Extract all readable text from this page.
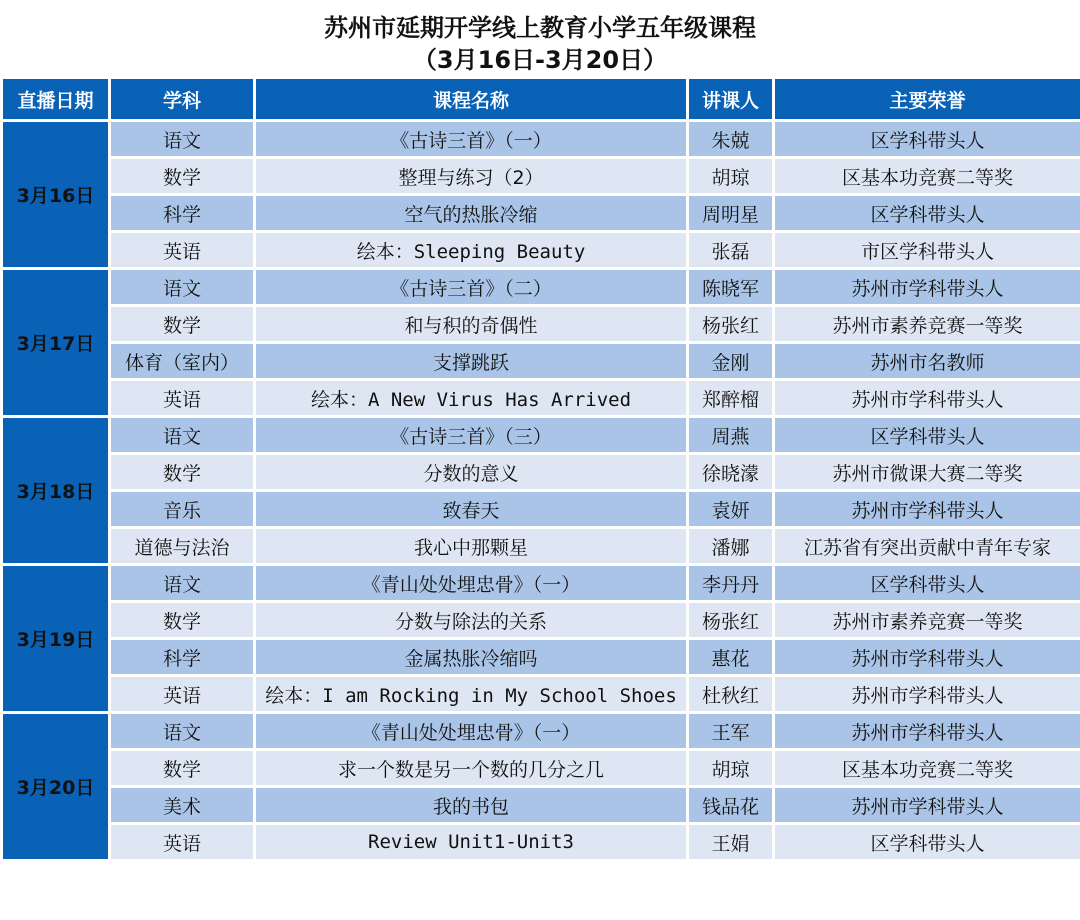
苏州市延期开学线上教育小学五年级课程
（3月16日-3月20日）
直播日期	学科	课程名称	讲课人	主要荣誉
3月16日	语文	《古诗三首》（一）	朱兢	区学科带头人
	数学	整理与练习（2）	胡琼	区基本功竞赛二等奖
	科学	空气的热胀冷缩	周明星	区学科带头人
	英语	绘本：Sleeping Beauty	张磊	市区学科带头人
3月17日	语文	《古诗三首》（二）	陈晓军	苏州市学科带头人
	数学	和与积的奇偶性	杨张红	苏州市素养竞赛一等奖
	体育（室内）	支撑跳跃	金刚	苏州市名教师
	英语	绘本：A New Virus Has Arrived	郑醉榴	苏州市学科带头人
3月18日	语文	《古诗三首》（三）	周燕	区学科带头人
	数学	分数的意义	徐晓濛	苏州市微课大赛二等奖
	音乐	致春天	袁妍	苏州市学科带头人
	道德与法治	我心中那颗星	潘娜	江苏省有突出贡献中青年专家
3月19日	语文	《青山处处埋忠骨》（一）	李丹丹	区学科带头人
	数学	分数与除法的关系	杨张红	苏州市素养竞赛一等奖
	科学	金属热胀冷缩吗	惠花	苏州市学科带头人
	英语	绘本：I am Rocking in My School Shoes	杜秋红	苏州市学科带头人
3月20日	语文	《青山处处埋忠骨》（一）	王军	苏州市学科带头人
	数学	求一个数是另一个数的几分之几	胡琼	区基本功竞赛二等奖
	美术	我的书包	钱品花	苏州市学科带头人
	英语	Review Unit1-Unit3	王娟	区学科带头人
